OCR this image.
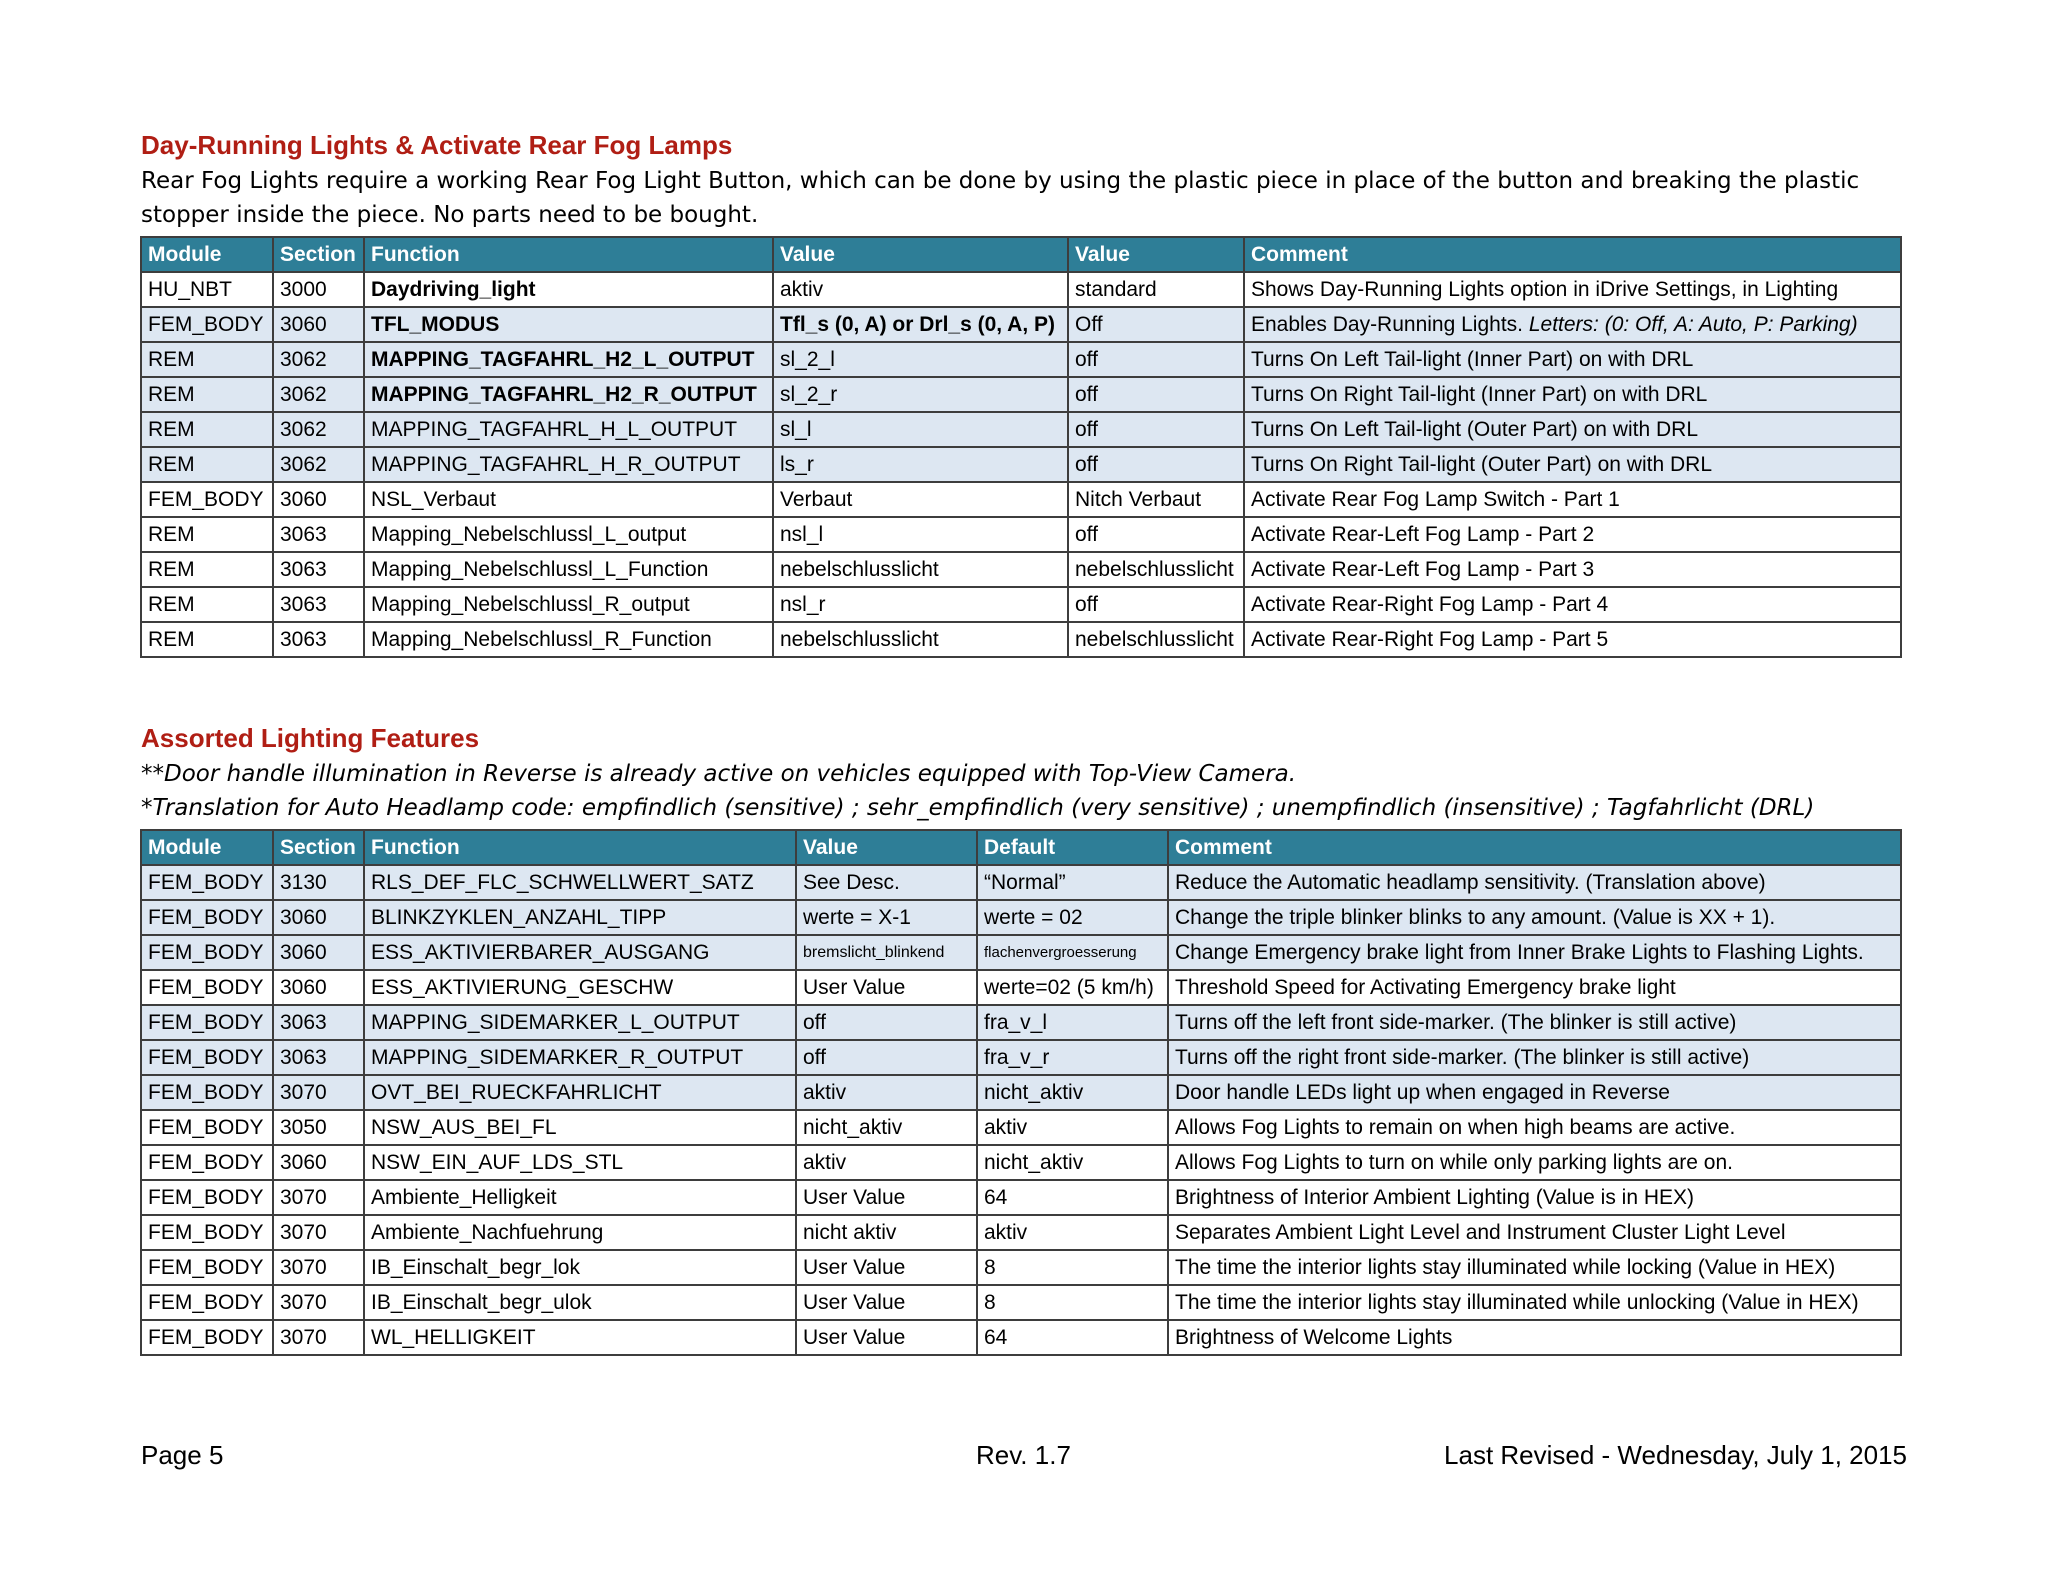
Day-Running Lights & Activate Rear Fog Lamps

Rear Fog Lights require a working Rear Fog Light Button, which can be done by using the plastic piece in place of the button and breaking the plastic stopper inside the piece. No parts need to be bought.

Module	Section	Function	Value	Value	Comment
HU_NBT	3000	Daydriving_light	aktiv	standard	Shows Day-Running Lights option in iDrive Settings, in Lighting
FEM_BODY	3060	TFL_MODUS	Tfl_s (0, A) or Drl_s (0, A, P)	Off	Enables Day-Running Lights. Letters: (0: Off, A: Auto, P: Parking)
REM	3062	MAPPING_TAGFAHRL_H2_L_OUTPUT	sl_2_l	off	Turns On Left Tail-light (Inner Part) on with DRL
REM	3062	MAPPING_TAGFAHRL_H2_R_OUTPUT	sl_2_r	off	Turns On Right Tail-light (Inner Part) on with DRL
REM	3062	MAPPING_TAGFAHRL_H_L_OUTPUT	sl_l	off	Turns On Left Tail-light (Outer Part) on with DRL
REM	3062	MAPPING_TAGFAHRL_H_R_OUTPUT	ls_r	off	Turns On Right Tail-light (Outer Part) on with DRL
FEM_BODY	3060	NSL_Verbaut	Verbaut	Nitch Verbaut	Activate Rear Fog Lamp Switch - Part 1
REM	3063	Mapping_Nebelschlussl_L_output	nsl_l	off	Activate Rear-Left Fog Lamp - Part 2
REM	3063	Mapping_Nebelschlussl_L_Function	nebelschlusslicht	nebelschlusslicht	Activate Rear-Left Fog Lamp - Part 3
REM	3063	Mapping_Nebelschlussl_R_output	nsl_r	off	Activate Rear-Right Fog Lamp - Part 4
REM	3063	Mapping_Nebelschlussl_R_Function	nebelschlusslicht	nebelschlusslicht	Activate Rear-Right Fog Lamp - Part 5
Assorted Lighting Features

**Door handle illumination in Reverse is already active on vehicles equipped with Top-View Camera.

*Translation for Auto Headlamp code: empfindlich (sensitive) ; sehr_empfindlich (very sensitive) ; unempfindlich (insensitive) ; Tagfahrlicht (DRL)

Module	Section	Function	Value	Default	Comment
FEM_BODY	3130	RLS_DEF_FLC_SCHWELLWERT_SATZ	See Desc.	“Normal”	Reduce the Automatic headlamp sensitivity. (Translation above)
FEM_BODY	3060	BLINKZYKLEN_ANZAHL_TIPP	werte = X-1	werte = 02	Change the triple blinker blinks to any amount. (Value is XX + 1).
FEM_BODY	3060	ESS_AKTIVIERBARER_AUSGANG	bremslicht_blinkend	flachenvergroesserung	Change Emergency brake light from Inner Brake Lights to Flashing Lights.
FEM_BODY	3060	ESS_AKTIVIERUNG_GESCHW	User Value	werte=02 (5 km/h)	Threshold Speed for Activating Emergency brake light
FEM_BODY	3063	MAPPING_SIDEMARKER_L_OUTPUT	off	fra_v_l	Turns off the left front side-marker. (The blinker is still active)
FEM_BODY	3063	MAPPING_SIDEMARKER_R_OUTPUT	off	fra_v_r	Turns off the right front side-marker. (The blinker is still active)
FEM_BODY	3070	OVT_BEI_RUECKFAHRLICHT	aktiv	nicht_aktiv	Door handle LEDs light up when engaged in Reverse
FEM_BODY	3050	NSW_AUS_BEI_FL	nicht_aktiv	aktiv	Allows Fog Lights to remain on when high beams are active.
FEM_BODY	3060	NSW_EIN_AUF_LDS_STL	aktiv	nicht_aktiv	Allows Fog Lights to turn on while only parking lights are on.
FEM_BODY	3070	Ambiente_Helligkeit	User Value	64	Brightness of Interior Ambient Lighting (Value is in HEX)
FEM_BODY	3070	Ambiente_Nachfuehrung	nicht aktiv	aktiv	Separates Ambient Light Level and Instrument Cluster Light Level
FEM_BODY	3070	IB_Einschalt_begr_lok	User Value	8	The time the interior lights stay illuminated while locking (Value in HEX)
FEM_BODY	3070	IB_Einschalt_begr_ulok	User Value	8	The time the interior lights stay illuminated while unlocking (Value in HEX)
FEM_BODY	3070	WL_HELLIGKEIT	User Value	64	Brightness of Welcome Lights
Page 5	Rev. 1.7	Last Revised - Wednesday, July 1, 2015
